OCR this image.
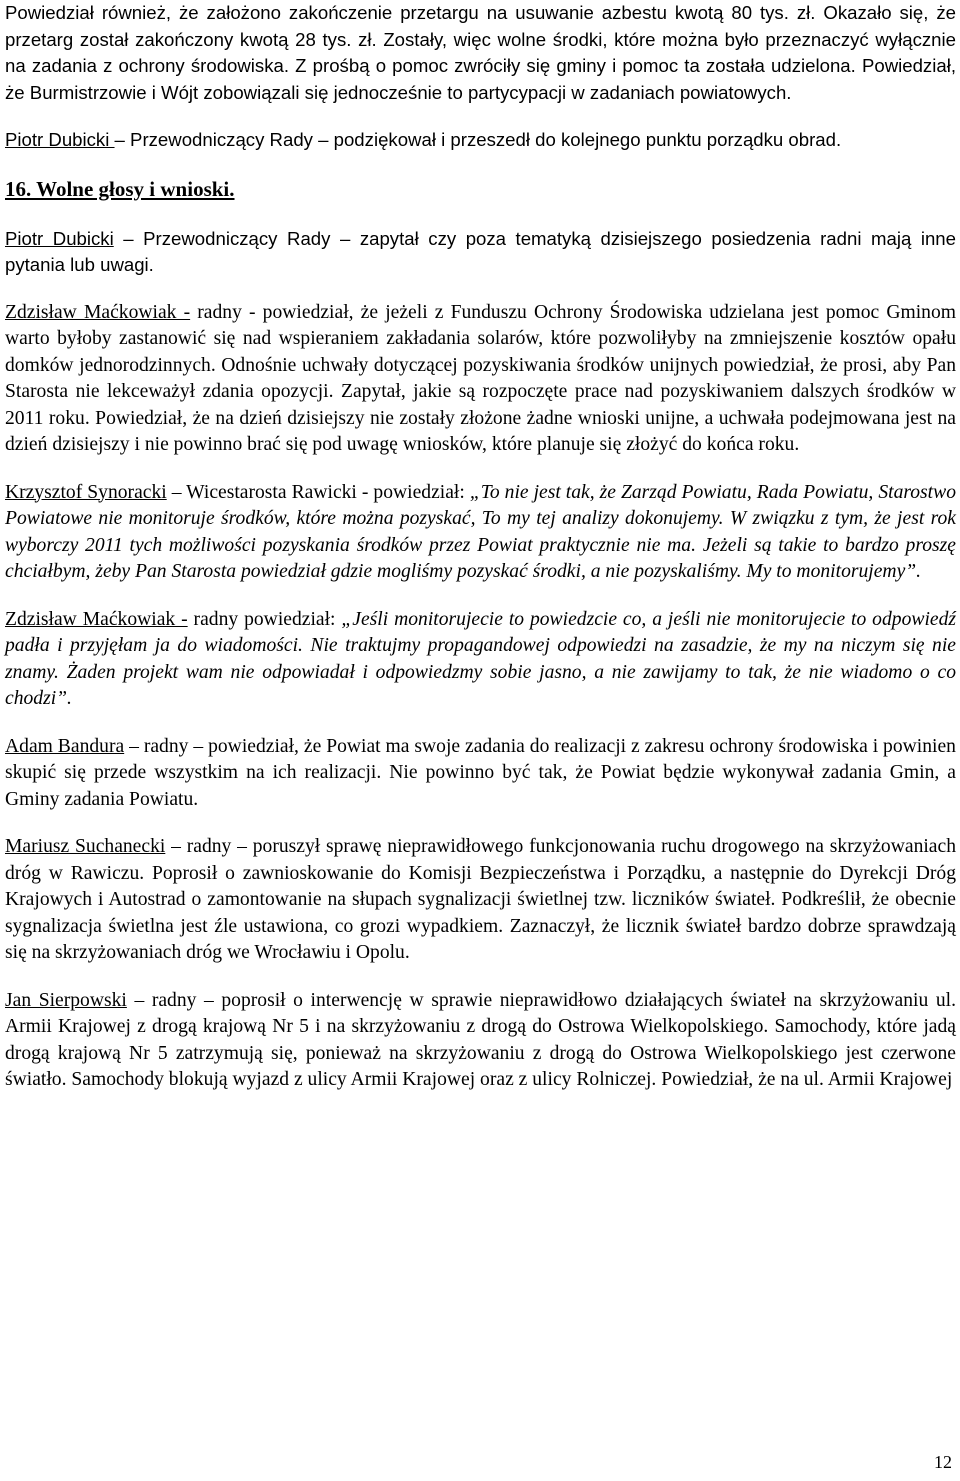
Powiedział również, że założono zakończenie przetargu na usuwanie azbestu kwotą 80 tys. zł. Okazało się, że przetarg został zakończony kwotą 28 tys. zł. Zostały, więc wolne środki, które można było przeznaczyć wyłącznie na zadania z ochrony środowiska. Z prośbą o pomoc zwróciły się gminy i pomoc ta została udzielona. Powiedział, że Burmistrzowie i Wójt zobowiązali się jednocześnie to partycypacji w zadaniach powiatowych.

Piotr Dubicki – Przewodniczący Rady – podziękował i przeszedł do kolejnego punktu porządku obrad.

16. Wolne głosy i wnioski.

Piotr Dubicki – Przewodniczący Rady – zapytał czy poza tematyką dzisiejszego posiedzenia radni mają inne pytania lub uwagi.

Zdzisław Maćkowiak - radny - powiedział, że jeżeli z Funduszu Ochrony Środowiska udzielana jest pomoc Gminom warto byłoby zastanowić się nad wspieraniem zakładania solarów, które pozwoliłyby na zmniejszenie kosztów opału domków jednorodzinnych. Odnośnie uchwały dotyczącej pozyskiwania środków unijnych powiedział, że prosi, aby Pan Starosta nie lekceważył zdania opozycji. Zapytał, jakie są rozpoczęte prace nad pozyskiwaniem dalszych środków w 2011 roku. Powiedział, że na dzień dzisiejszy nie zostały złożone żadne wnioski unijne, a uchwała podejmowana jest na dzień dzisiejszy i nie powinno brać się pod uwagę wniosków, które planuje się złożyć do końca roku.

Krzysztof Synoracki – Wicestarosta Rawicki - powiedział: „To nie jest tak, że Zarząd Powiatu, Rada Powiatu, Starostwo Powiatowe nie monitoruje środków, które można pozyskać, To my tej analizy dokonujemy. W związku z tym, że jest rok wyborczy 2011 tych możliwości pozyskania środków przez Powiat praktycznie nie ma. Jeżeli są takie to bardzo proszę chciałbym, żeby Pan Starosta powiedział gdzie mogliśmy pozyskać środki, a nie pozyskaliśmy. My to monitorujemy”.

Zdzisław Maćkowiak - radny powiedział: „Jeśli monitorujecie to powiedzcie co, a jeśli nie monitorujecie to odpowiedź padła i przyjęłam ja do wiadomości. Nie traktujmy propagandowej odpowiedzi na zasadzie, że my na niczym się nie znamy. Żaden projekt wam nie odpowiadał i odpowiedzmy sobie jasno, a nie zawijamy to tak, że nie wiadomo o co chodzi”.

Adam Bandura – radny – powiedział, że Powiat ma swoje zadania do realizacji z zakresu ochrony środowiska i powinien skupić się przede wszystkim na ich realizacji. Nie powinno być tak, że Powiat będzie wykonywał zadania Gmin, a Gminy zadania Powiatu.

Mariusz Suchanecki – radny – poruszył sprawę nieprawidłowego funkcjonowania ruchu drogowego na skrzyżowaniach dróg w Rawiczu. Poprosił o zawnioskowanie do Komisji Bezpieczeństwa i Porządku, a następnie do Dyrekcji Dróg Krajowych i Autostrad o zamontowanie na słupach sygnalizacji świetlnej tzw. liczników świateł. Podkreślił, że obecnie sygnalizacja świetlna jest źle ustawiona, co grozi wypadkiem. Zaznaczył, że licznik świateł bardzo dobrze sprawdzają się na skrzyżowaniach dróg we Wrocławiu i Opolu.

Jan Sierpowski – radny – poprosił o interwencję w sprawie nieprawidłowo działających świateł na skrzyżowaniu ul. Armii Krajowej z drogą krajową Nr 5 i na skrzyżowaniu z drogą do Ostrowa Wielkopolskiego. Samochody, które jadą drogą krajową Nr 5 zatrzymują się, ponieważ na skrzyżowaniu z drogą do Ostrowa Wielkopolskiego jest czerwone światło. Samochody blokują wyjazd z ulicy Armii Krajowej oraz z ulicy Rolniczej. Powiedział, że na ul. Armii Krajowej

12
